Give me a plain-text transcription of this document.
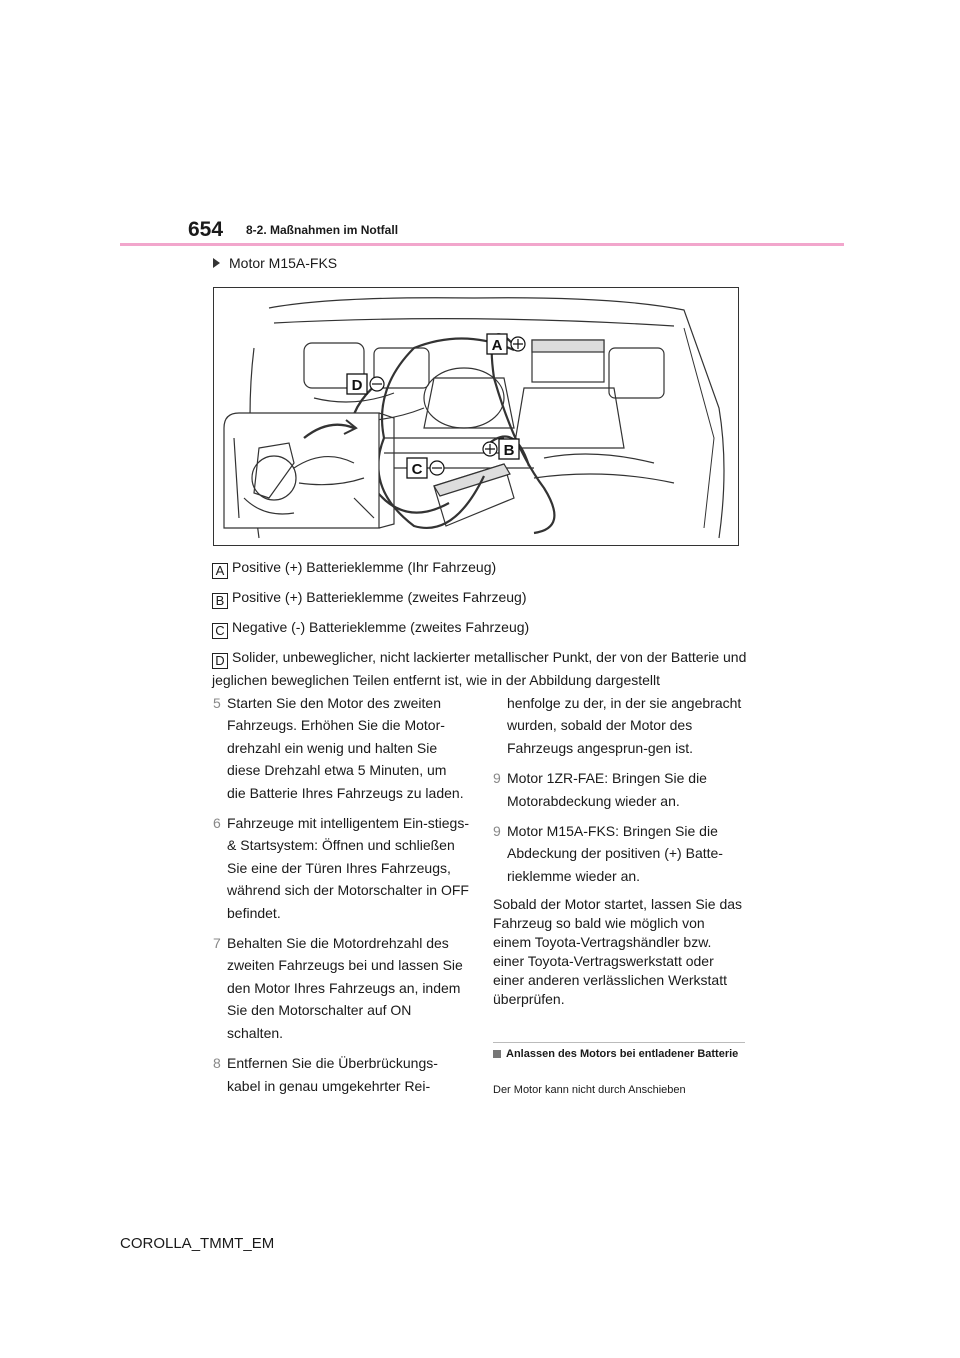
654 8-2. Maßnahmen im Notfall
Motor M15A-FKS
A
B
C
D
A Positive (+) Batterieklemme (Ihr Fahrzeug)
B Positive (+) Batterieklemme (zweites Fahrzeug)
C Negative (-) Batterieklemme (zweites Fahrzeug)
D Solider, unbeweglicher, nicht lackierter metallischer Punkt, der von der Batterie und jeglichen beweglichen Teilen entfernt ist, wie in der Abbildung dargestellt
5 Starten Sie den Motor des zweiten Fahrzeugs. Erhöhen Sie die Motor-drehzahl ein wenig und halten Sie diese Drehzahl etwa 5 Minuten, um die Batterie Ihres Fahrzeugs zu laden.
6 Fahrzeuge mit intelligentem Ein-stiegs- & Startsystem: Öffnen und schließen Sie eine der Türen Ihres Fahrzeugs, während sich der Motorschalter in OFF befindet.
7 Behalten Sie die Motordrehzahl des zweiten Fahrzeugs bei und lassen Sie den Motor Ihres Fahrzeugs an, indem Sie den Motorschalter auf ON schalten.
8 Entfernen Sie die Überbrückungs-kabel in genau umgekehrter Rei-
henfolge zu der, in der sie angebracht wurden, sobald der Motor des Fahrzeugs angesprun-gen ist.
9 Motor 1ZR-FAE: Bringen Sie die Motorabdeckung wieder an.
9 Motor M15A-FKS: Bringen Sie die Abdeckung der positiven (+) Batte-rieklemme wieder an.

Sobald der Motor startet, lassen Sie das Fahrzeug so bald wie möglich von einem Toyota-Vertragshändler bzw. einer Toyota-Vertragswerkstatt oder einer anderen verlässlichen Werkstatt überprüfen.

Anlassen des Motors bei entladener Batterie
Der Motor kann nicht durch Anschieben
COROLLA_TMMT_EM
